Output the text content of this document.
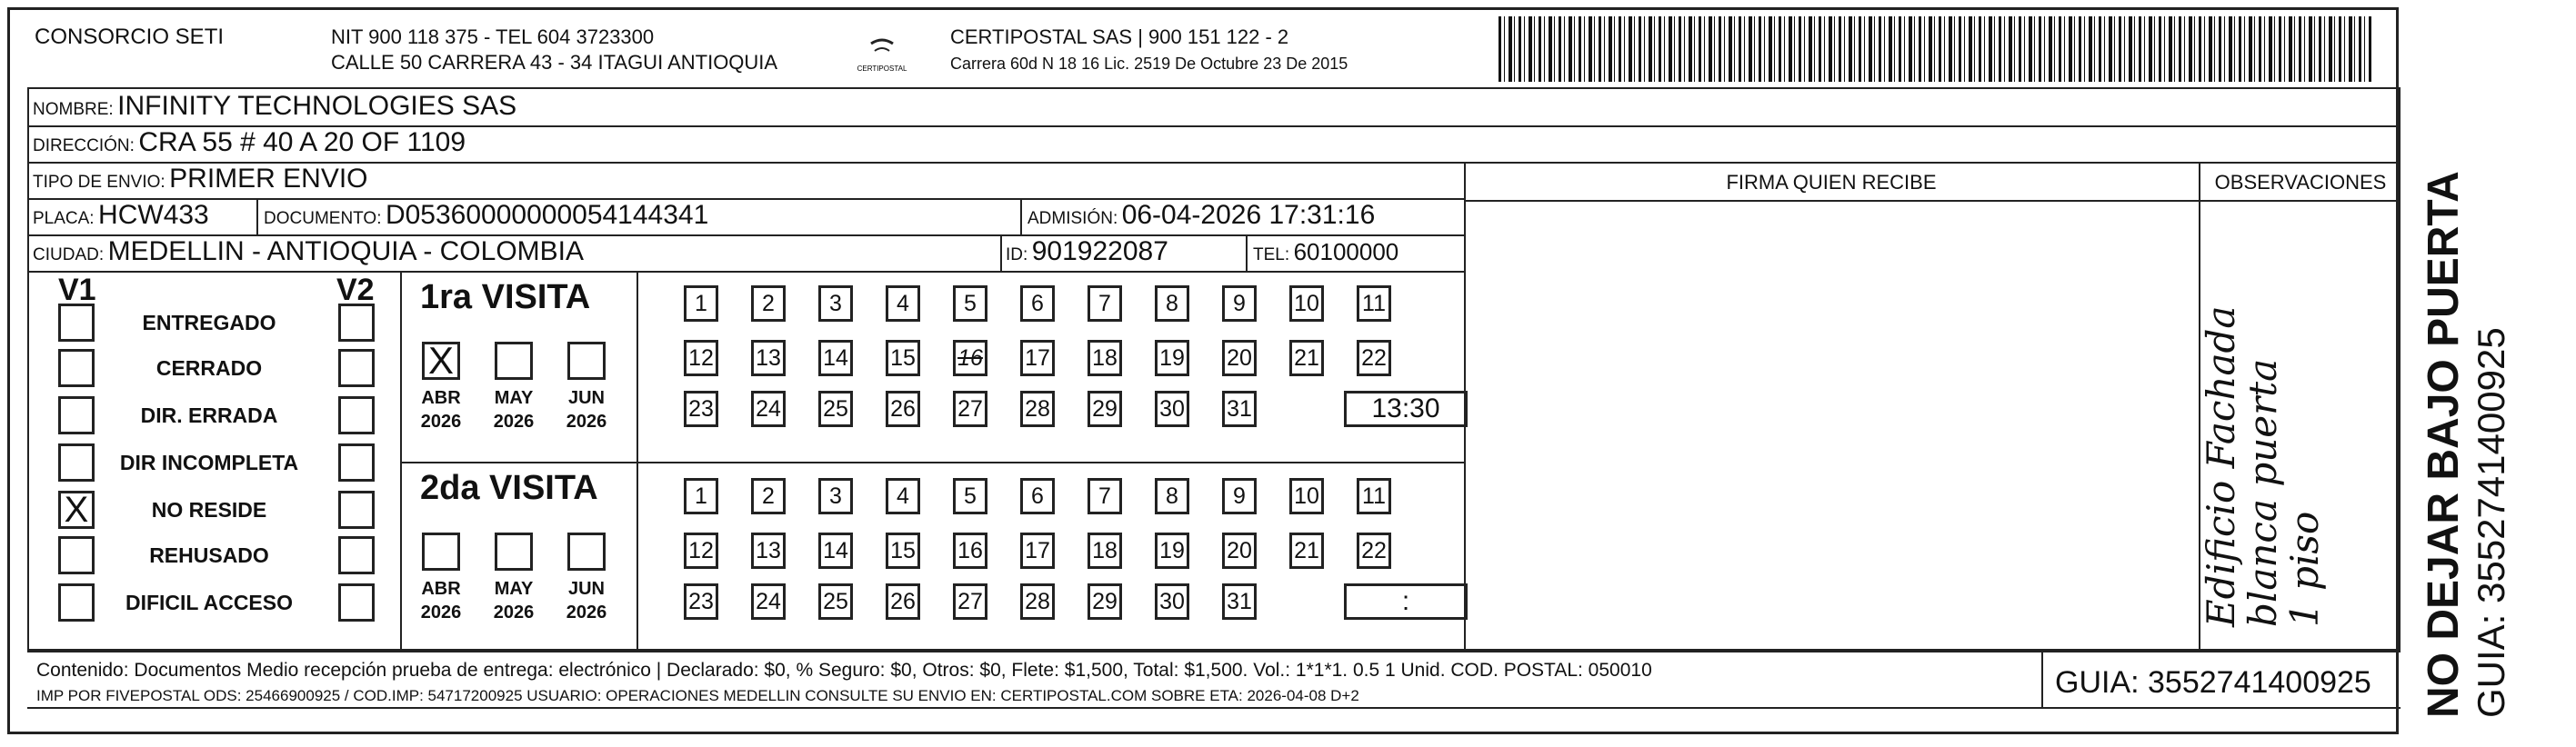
CONSORCIO SETI	NIT 900 118 375 - TEL 604 3723300
CALLE 50 CARRERA 43 - 34 ITAGUI ANTIOQUIA	CERTIPOSTAL
CERTIPOSTAL SAS | 900 151 122 - 2
Carrera 60d N 18 16 Lic. 2519 De Octubre 23 De 2015
NOMBRE: INFINITY TECHNOLOGIES SAS
DIRECCIÓN: CRA 55 # 40 A 20 OF 1109
TIPO DE ENVIO: PRIMER ENVIO
PLACA: HCW433	DOCUMENTO: D05360000000054144341	ADMISIÓN: 06-04-2026 17:31:16
CIUDAD: MEDELLIN - ANTIOQUIA - COLOMBIA	ID: 901922087	TEL: 60100000
FIRMA QUIEN RECIBE	OBSERVACIONES
Edificio Fachada
blanca puerta
1 piso
V1	V2
ENTREGADO
CERRADO
DIR. ERRADA
DIR INCOMPLETA
X	NO RESIDE
REHUSADO
DIFICIL ACCESO
1ra VISITA
X
ABR
2026
MAY
2026
JUN
2026
1	2	3	4	5	6	7	8	9	10 11
12 13 14 15 16 17 18 19 20 21 22
23 24 25 26 27 28 29 30 31	13:30
2da VISITA
ABR
2026
MAY
2026
JUN
2026
1	2	3	4	5	6	7	8	9	10 11
12 13 14 15 16 17 18 19 20 21 22
23 24 25 26 27 28 29 30 31	:
Contenido: Documentos Medio recepción prueba de entrega: electrónico | Declarado: $0, % Seguro: $0, Otros: $0, Flete: $1,500, Total: $1,500. Vol.: 1*1*1. 0.5 1 Unid. COD. POSTAL: 050010
IMP POR FIVEPOSTAL ODS: 25466900925 / COD.IMP: 54717200925 USUARIO: OPERACIONES MEDELLIN CONSULTE SU ENVIO EN: CERTIPOSTAL.COM SOBRE ETA: 2026-04-08 D+2	GUIA: 3552741400925 NO DEJAR BAJO PUERTA GUIA: 3552741400925
